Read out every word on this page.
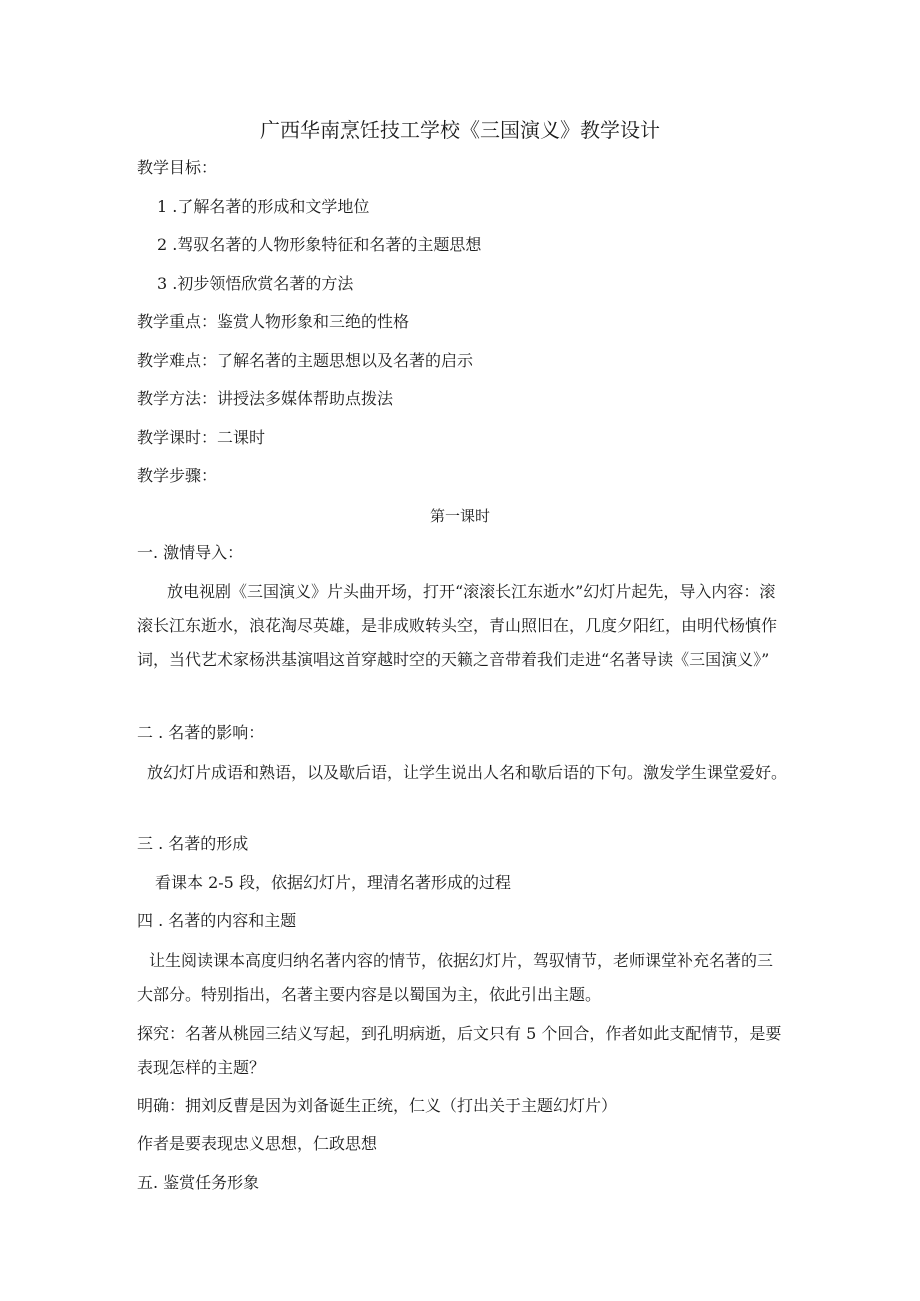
广西华南烹饪技工学校《三国演义》教学设计

教学目标：

1 .了解名著的形成和文学地位

2 .驾驭名著的人物形象特征和名著的主题思想

3 .初步领悟欣赏名著的方法

教学重点：鉴赏人物形象和三绝的性格

教学难点：了解名著的主题思想以及名著的启示

教学方法：讲授法多媒体帮助点拨法

教学课时：二课时

教学步骤：

第一课时

一. 激情导入：

放电视剧《三国演义》片头曲开场，打开“滚滚长江东逝水”幻灯片起先，导入内容：滚滚长江东逝水，浪花淘尽英雄，是非成败转头空，青山照旧在，几度夕阳红，由明代杨慎作词，当代艺术家杨洪基演唱这首穿越时空的天籁之音带着我们走进“名著导读《三国演义》”

二 . 名著的影响：

放幻灯片成语和熟语，以及歇后语，让学生说出人名和歇后语的下句。激发学生课堂爱好。

三 . 名著的形成

看课本 2-5 段，依据幻灯片，理清名著形成的过程

四 . 名著的内容和主题

让生阅读课本高度归纳名著内容的情节，依据幻灯片，驾驭情节，老师课堂补充名著的三大部分。特别指出，名著主要内容是以蜀国为主，依此引出主题。

探究：名著从桃园三结义写起，到孔明病逝，后文只有 5 个回合，作者如此支配情节，是要表现怎样的主题？

明确：拥刘反曹是因为刘备诞生正统，仁义（打出关于主题幻灯片）

作者是要表现忠义思想，仁政思想

五. 鉴赏任务形象
